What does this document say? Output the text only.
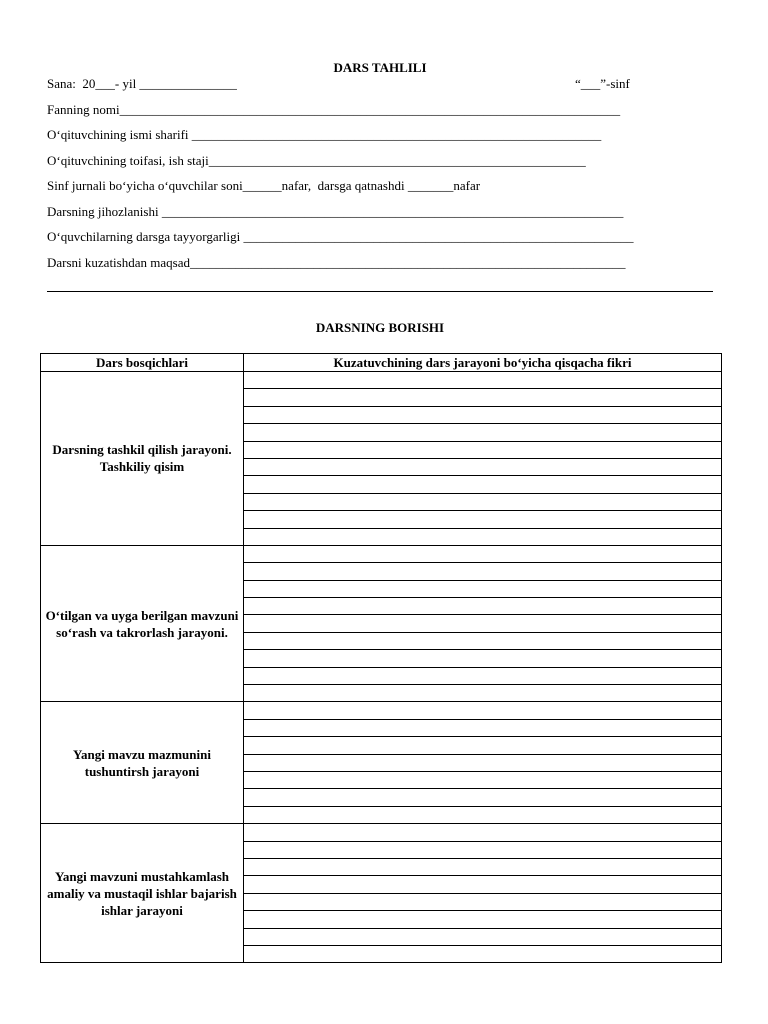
DARS TAHLILI
Sana:  20___- yil _______________	“___”-sinf
Fanning nomi_____________________________________________________________________________
O‘qituvchining ismi sharifi _______________________________________________________________
O‘qituvchining toifasi, ish staji__________________________________________________________
Sinf jurnali bo‘yicha o‘quvchilar soni______nafar,  darsga qatnashdi _______nafar
Darsning jihozlanishi _______________________________________________________________________
O‘quvchilarning darsga tayyorgarligi ____________________________________________________________
Darsni kuzatishdan maqsad___________________________________________________________________
DARSNING BORISHI
Dars bosqichlari	Kuzatuvchining dars jarayoni bo‘yicha qisqacha fikri
Darsning tashkil qilish jarayoni. Tashkiliy qisim	

O‘tilgan va uyga berilgan mavzuni so‘rash va takrorlash jarayoni.	

Yangi mavzu mazmunini tushuntirsh jarayoni	

Yangi mavzuni mustahkamlash amaliy va mustaqil ishlar bajarish ishlar jarayoni	
